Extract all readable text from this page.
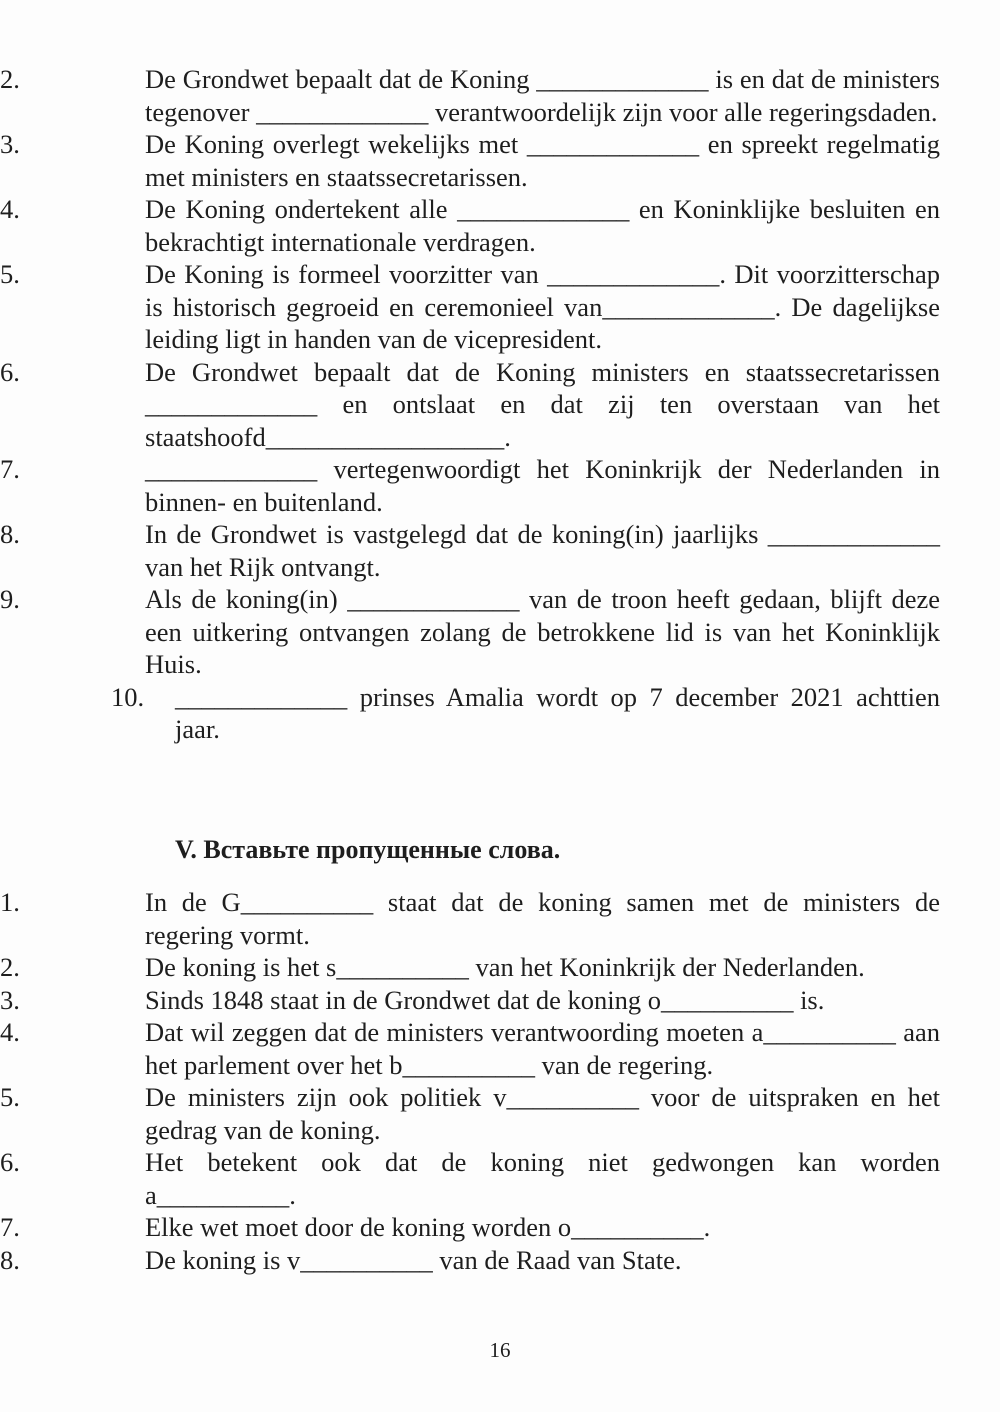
2.	De Grondwet bepaalt dat de Koning _____________ is en dat de ministers tegenover _____________ verantwoordelijk zijn voor alle regeringsdaden.
3.	De Koning overlegt wekelijks met _____________ en spreekt regelmatig met ministers en staatssecretarissen.
4.	De Koning ondertekent alle _____________ en Koninklijke besluiten en bekrachtigt internationale verdragen.
5.	De Koning is formeel voorzitter van _____________. Dit voorzitterschap is historisch gegroeid en ceremonieel van_____________. De dagelijkse leiding ligt in handen van de vicepresident.
6.	De Grondwet bepaalt dat de Koning ministers en staatssecretarissen _____________ en ontslaat en dat zij ten overstaan van het staatshoofd__________________.
7.	_____________ vertegenwoordigt het Koninkrijk der Nederlanden in binnen- en buitenland.
8.	In de Grondwet is vastgelegd dat de koning(in) jaarlijks _____________ van het Rijk ontvangt.
9.	Als de koning(in) _____________ van de troon heeft gedaan, blijft deze een uitkering ontvangen zolang de betrokkene lid is van het Koninklijk Huis.
10. _____________ prinses Amalia wordt op 7 december 2021 achttien jaar.
V. Вставьте пропущенные слова.
1.	In de G__________ staat dat de koning samen met de ministers de regering vormt.
2.	De koning is het s__________ van het Koninkrijk der Nederlanden.
3.	Sinds 1848 staat in de Grondwet dat de koning o__________ is.
4.	Dat wil zeggen dat de ministers verantwoording moeten a__________ aan het parlement over het b__________ van de regering.
5.	De ministers zijn ook politiek v__________ voor de uitspraken en het gedrag van de koning.
6.	Het betekent ook dat de koning niet gedwongen kan worden a__________.
7.	Elke wet moet door de koning worden o__________.
8.	De koning is v__________ van de Raad van State.
16
